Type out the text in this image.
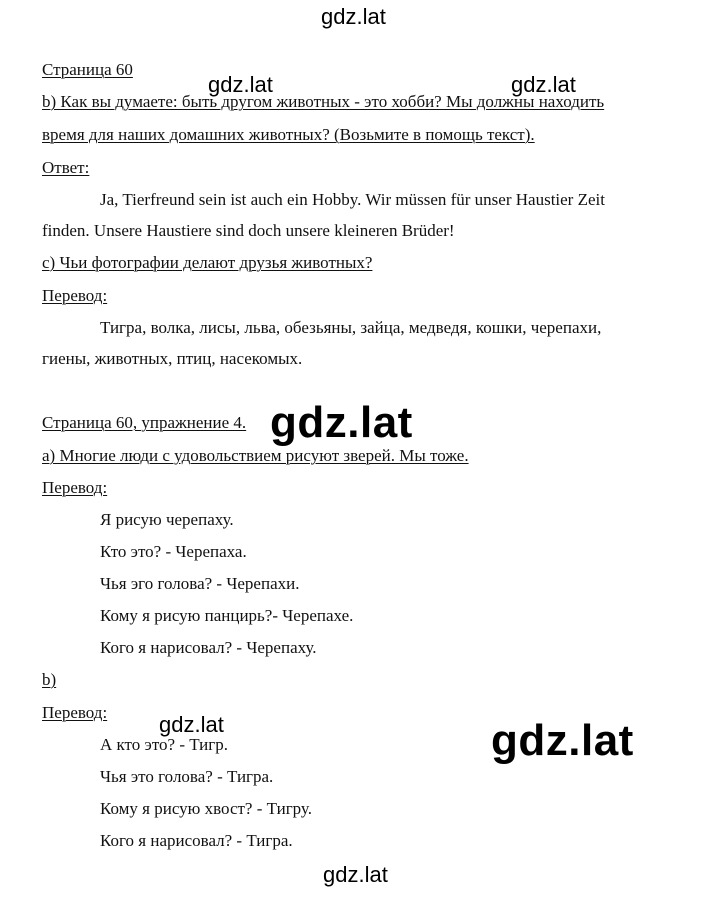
gdz.lat
gdz.lat	gdz.lat
gdz.lat
gdz.lat	gdz.lat
gdz.lat
Страница 60
b) Как вы думаете: быть другом животных - это хобби? Мы должны находить
время для наших домашних животных? (Возьмите в помощь текст).
Ответ:
Ja, Tierfreund sein ist auch ein Hobby. Wir müssen für unser Haustier Zeit
finden. Unsere Haustiere sind doch unsere kleineren Brüder!
c) Чьи фотографии делают друзья животных?
Перевод:
Тигра, волка, лисы, льва, обезьяны, зайца, медведя, кошки, черепахи,
гиены, животных, птиц, насекомых.
Страница 60, упражнение 4.
a) Многие люди с удовольствием рисуют зверей. Мы тоже.
Перевод:
Я рисую черепаху.
Кто это? - Черепаха.
Чья эго голова? - Черепахи.
Кому я рисую панцирь?- Черепахе.
Кого я нарисовал? - Черепаху.
b)
Перевод:
А кто это? - Тигр.
Чья это голова? - Тигра.
Кому я рисую хвост? - Тигру.
Кого я нарисовал? - Тигра.
